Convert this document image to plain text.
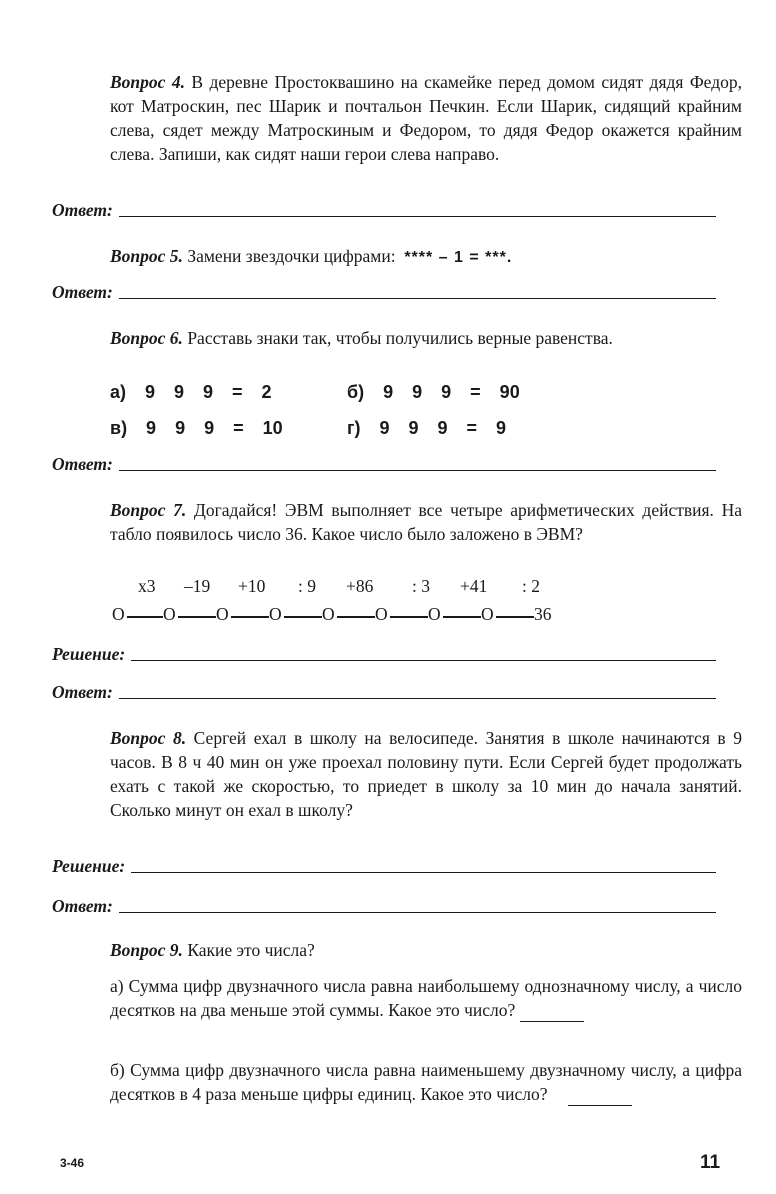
Вопрос 4. В деревне Простоквашино на скамейке перед домом сидят дядя Федор, кот Матроскин, пес Шарик и почтальон Печкин. Если Шарик, сидящий крайним слева, сядет между Матроскиным и Федором, то дядя Федор окажется крайним слева. Запиши, как сидят наши герои слева направо.
Ответ:
Вопрос 5. Замени звездочки цифрами: **** – 1 = ***.
Ответ:
Вопрос 6. Расставь знаки так, чтобы получились верные равенства.
а) 9 9 9 = 2	б) 9 9 9 = 90
в) 9 9 9 = 10	г) 9 9 9 = 9
Ответ:
Вопрос 7. Догадайся! ЭВМ выполняет все четыре арифметических действия. На табло появилось число 36. Какое число было заложено в ЭВМ?
x3 –19 +10 : 9 +86 : 3 +41 : 2
O O O O O O O O 36
Решение:
Ответ:
Вопрос 8. Сергей ехал в школу на велосипеде. Занятия в школе начинаются в 9 часов. В 8 ч 40 мин он уже проехал половину пути. Если Сергей будет продолжать ехать с такой же скоростью, то приедет в школу за 10 мин до начала занятий. Сколько минут он ехал в школу?
Решение:
Ответ:
Вопрос 9. Какие это числа?
а) Сумма цифр двузначного числа равна наибольшему однозначному числу, а число десятков на два меньше этой суммы. Какое это число?
б) Сумма цифр двузначного числа равна наименьшему двузначному числу, а цифра десятков в 4 раза меньше цифры единиц. Какое это число?
3-46	11
